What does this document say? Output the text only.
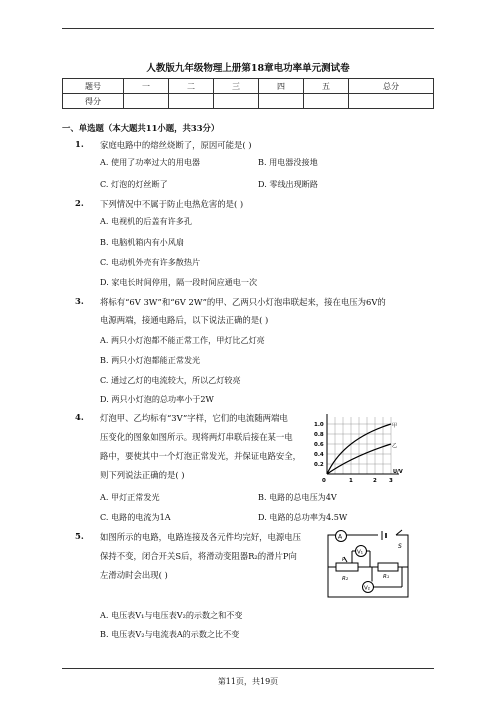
人教版九年级物理上册第18章电功率单元测试卷
题号	一	二	三	四	五	总分
得分						
一、单选题（本大题共11小题，共33分）
1. 家庭电路中的熔丝烧断了，原因可能是( )
A. 使用了功率过大的用电器	B. 用电器没接地
C. 灯泡的灯丝断了	D. 零线出现断路
2. 下列情况中不属于防止电热危害的是( )
A. 电视机的后盖有许多孔
B. 电脑机箱内有小风扇
C. 电动机外壳有许多散热片
D. 家电长时间停用，隔一段时间应通电一次
3. 将标有“6V 3W”和“6V 2W”的甲、乙两只小灯泡串联起来，接在电压为6V的
电源两端，接通电路后，以下说法正确的是( )
A. 两只小灯泡都不能正常工作，甲灯比乙灯亮
B. 两只小灯泡都能正常发光
C. 通过乙灯的电流较大，所以乙灯较亮
D. 两只小灯泡的总功率小于2W
4. 灯泡甲、乙均标有“3V”字样，它们的电流随两端电
压变化的图象如图所示。现将两灯串联后接在某一电
路中，要使其中一个灯泡正常发光，并保证电路安全，
则下列说法正确的是( )
A. 甲灯正常发光	B. 电路的总电压为4V
C. 电路的电流为1A	D. 电路的总功率为4.5W
甲
乙
1.0
0.8
0.6
0.4
0.2
0	1	2 3
U/V
5. 如图所示的电路，电路连接及各元件均完好，电源电压
保持不变，闭合开关S后，将滑动变阻器R₂的滑片P向
左滑动时会出现( )
A. 电压表V₁与电压表V₂的示数之和不变
B. 电压表V₂与电流表A的示数之比不变
S
A
V₁
P
R₂	R₁
V₂
第11页，共19页
